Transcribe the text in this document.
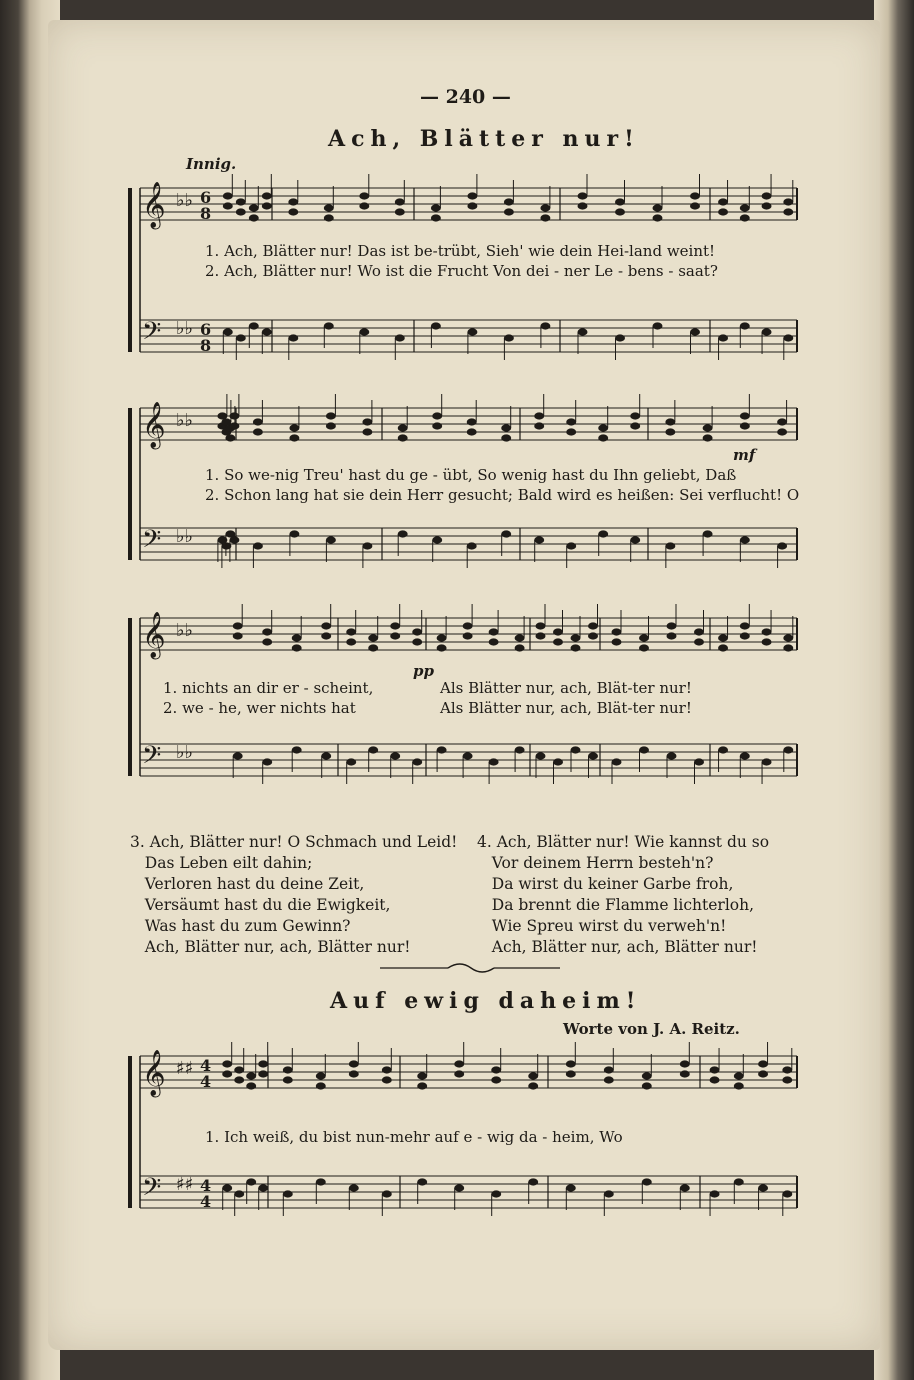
𝄞
𝄢
♭♭
♭♭
𝄞
𝄢
♭♭
♭♭
𝄞
𝄢
♭♭
♭♭
𝄞
𝄢
♯♯
♯♯
6
8
6
8
4
4
4
4
— 240 —
Ach, Blätter nur!
Innig.
1. Ach, Blätter nur! Das ist be-trübt, Sieh' wie dein Hei-land weint!
2. Ach, Blätter nur! Wo ist die Frucht Von dei - ner Le - bens - saat?
mf
1. So we-nig Treu' hast du ge - übt, So wenig hast du Ihn geliebt, Daß
2. Schon lang hat sie dein Herr gesucht; Bald wird es heißen: Sei verflucht! O
pp
1. nichts an dir er - scheint,	Als Blätter nur, ach, Blät-ter nur!
2. we - he, wer nichts hat	Als Blätter nur, ach, Blät-ter nur!
3. Ach, Blätter nur! O Schmach und Leid!
Das Leben eilt dahin;
Verloren hast du deine Zeit,
Versäumt hast du die Ewigkeit,
Was hast du zum Gewinn?
Ach, Blätter nur, ach, Blätter nur!
4. Ach, Blätter nur! Wie kannst du so
Vor deinem Herrn besteh'n?
Da wirst du keiner Garbe froh,
Da brennt die Flamme lichterloh,
Wie Spreu wirst du verweh'n!
Ach, Blätter nur, ach, Blätter nur!
Auf ewig daheim!
Worte von J. A. Reitz.
1. Ich weiß, du bist nun-mehr auf e - wig da - heim, Wo
